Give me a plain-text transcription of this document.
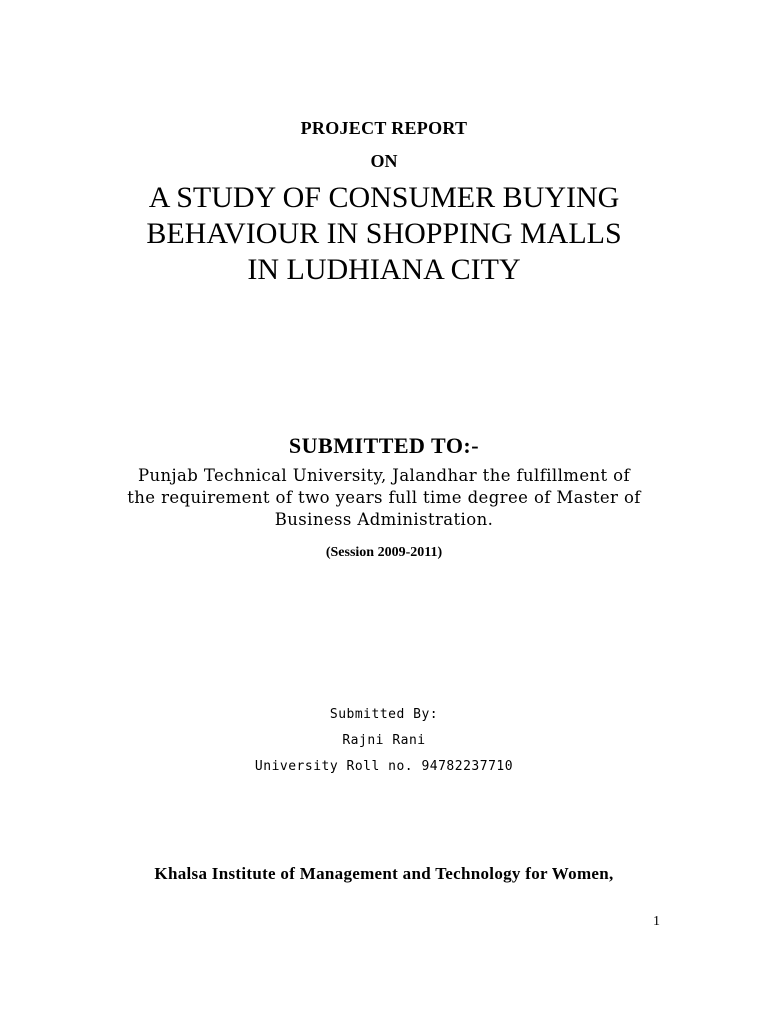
PROJECT REPORT
ON
A STUDY OF CONSUMER BUYING
BEHAVIOUR IN SHOPPING MALLS
IN LUDHIANA CITY
SUBMITTED TO:-
Punjab Technical University, Jalandhar the fulfillment of
the requirement of two years full time degree of Master of
Business Administration.
(Session 2009-2011)
Submitted By:
Rajni Rani
University Roll no. 94782237710
Khalsa Institute of Management and Technology for Women,
1
